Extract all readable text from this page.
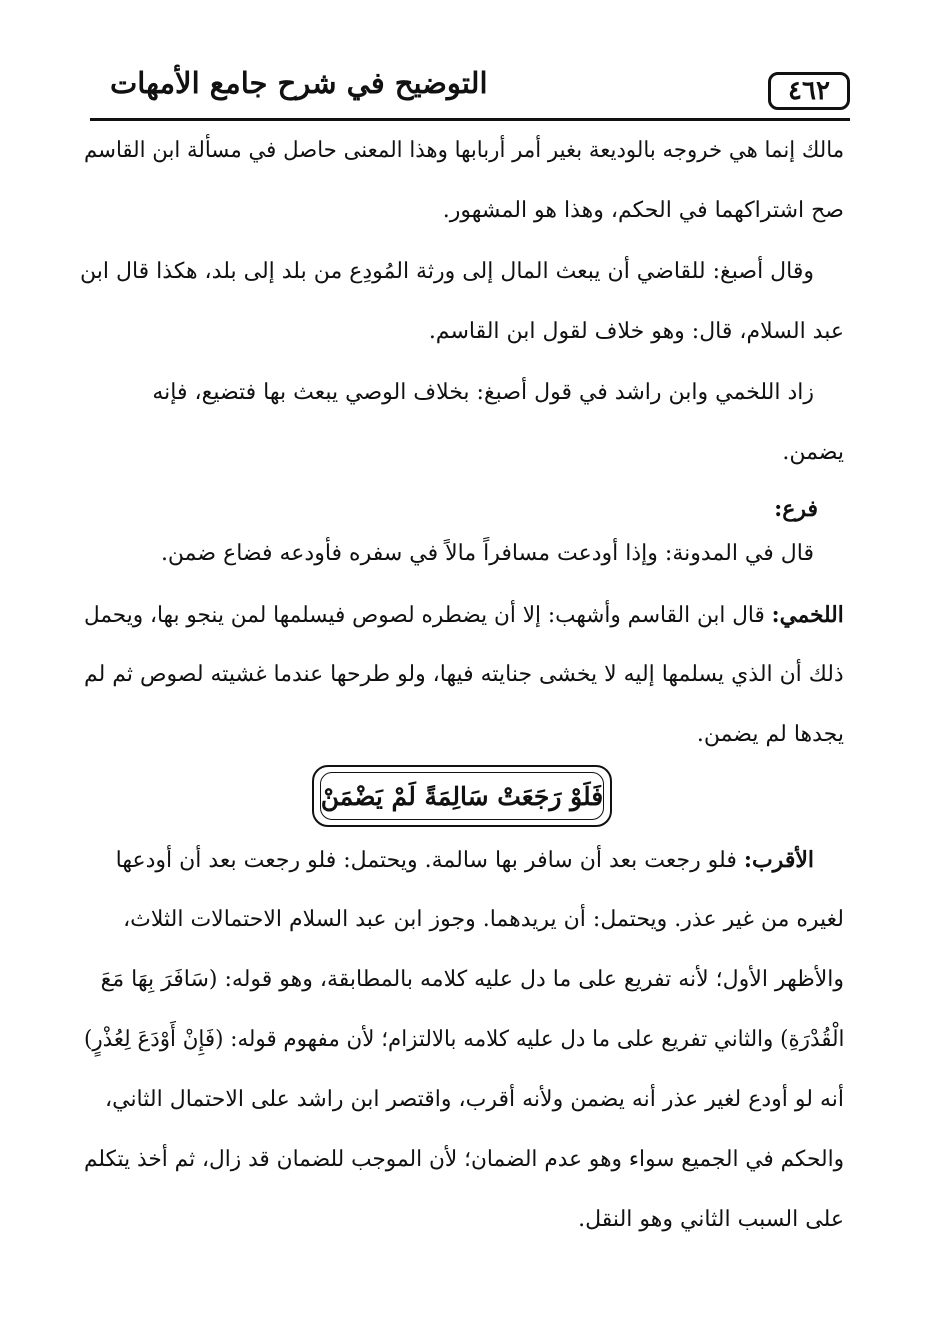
التوضيح في شرح جامع الأمهات	٤٦٢
مالك إنما هي خروجه بالوديعة بغير أمر أربابها وهذا المعنى حاصل في مسألة ابن القاسم
صح اشتراكهما في الحكم، وهذا هو المشهور.
وقال أصبغ: للقاضي أن يبعث المال إلى ورثة المُودِع من بلد إلى بلد، هكذا قال ابن
عبد السلام، قال: وهو خلاف لقول ابن القاسم.
زاد اللخمي وابن راشد في قول أصبغ: بخلاف الوصي يبعث بها فتضيع، فإنه
يضمن.
فرع:
قال في المدونة: وإذا أودعت مسافراً مالاً في سفره فأودعه فضاع ضمن.
اللخمي: قال ابن القاسم وأشهب: إلا أن يضطره لصوص فيسلمها لمن ينجو بها، ويحمل
ذلك أن الذي يسلمها إليه لا يخشى جنايته فيها، ولو طرحها عندما غشيته لصوص ثم لم
يجدها لم يضمن.
فَلَوْ رَجَعَتْ سَالِمَةً لَمْ يَضْمَنْ
الأقرب: فلو رجعت بعد أن سافر بها سالمة. ويحتمل: فلو رجعت بعد أن أودعها
لغيره من غير عذر. ويحتمل: أن يريدهما. وجوز ابن عبد السلام الاحتمالات الثلاث،
والأظهر الأول؛ لأنه تفريع على ما دل عليه كلامه بالمطابقة، وهو قوله: (سَافَرَ بِهَا مَعَ
الْقُدْرَةِ) والثاني تفريع على ما دل عليه كلامه بالالتزام؛ لأن مفهوم قوله: (فَإِنْ أَوْدَعَ لِعُذْرٍ)
أنه لو أودع لغير عذر أنه يضمن ولأنه أقرب، واقتصر ابن راشد على الاحتمال الثاني،
والحكم في الجميع سواء وهو عدم الضمان؛ لأن الموجب للضمان قد زال، ثم أخذ يتكلم
على السبب الثاني وهو النقل.
